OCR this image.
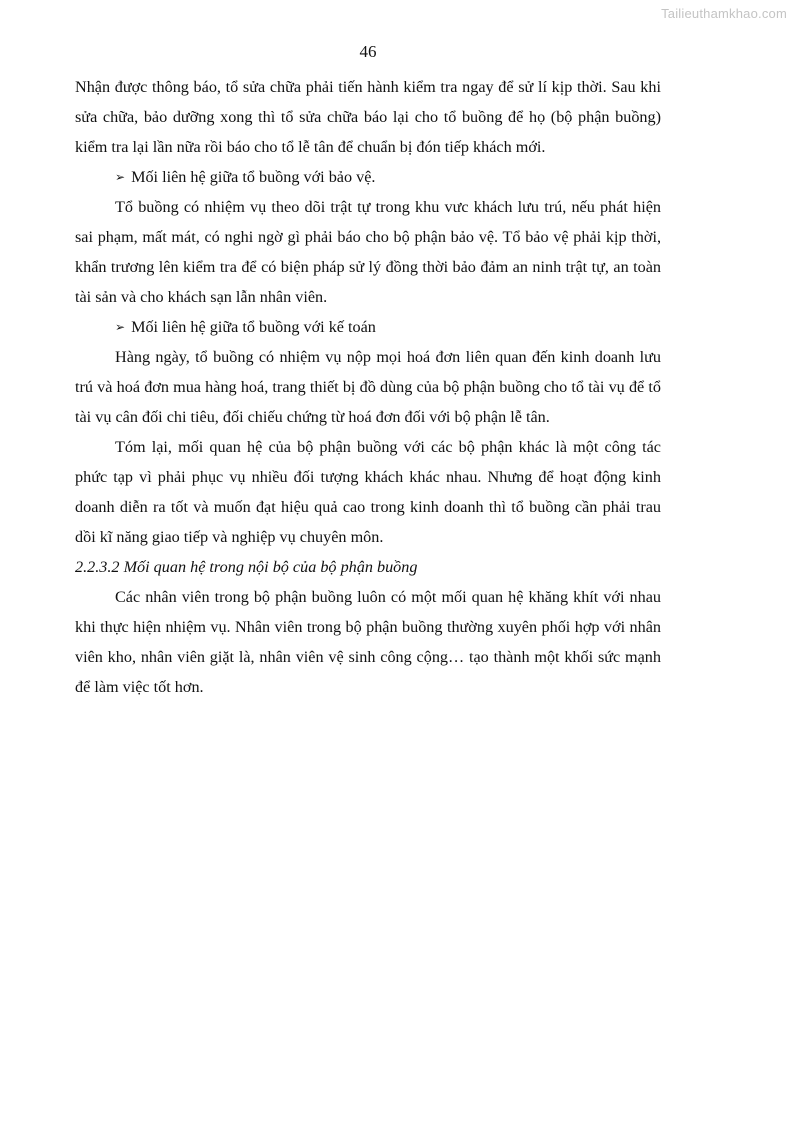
Tailieuthamkhao.com
46

Nhận được thông báo, tổ sửa chữa phải tiến hành kiểm tra ngay để sử lí kịp thời. Sau khi sửa chữa, bảo dưỡng xong thì tổ sửa chữa báo lại cho tổ buồng để họ (bộ phận buồng) kiểm tra lại lần nữa rồi báo cho tổ lễ tân để chuẩn bị đón tiếp khách mới.

➢ Mối liên hệ giữa tổ buồng với bảo vệ.

Tổ buồng có nhiệm vụ theo dõi trật tự trong khu vưc khách lưu trú, nếu phát hiện sai phạm, mất mát, có nghi ngờ gì phải báo cho bộ phận bảo vệ. Tổ bảo vệ phải kịp thời, khẩn trương lên kiểm tra để có biện pháp sử lý đồng thời bảo đảm an ninh trật tự, an toàn tài sản và cho khách sạn lẫn nhân viên.

➢ Mối liên hệ giữa tổ buồng với kế toán

Hàng ngày, tổ buồng có nhiệm vụ nộp mọi hoá đơn liên quan đến kinh doanh lưu trú và hoá đơn mua hàng hoá, trang thiết bị đồ dùng của bộ phận buồng cho tổ tài vụ để tổ tài vụ cân đối chi tiêu, đối chiếu chứng từ hoá đơn đối với bộ phận lễ tân.

Tóm lại, mối quan hệ của bộ phận buồng với các bộ phận khác là một công tác phức tạp vì phải phục vụ nhiều đối tượng khách khác nhau. Nhưng để hoạt động kinh doanh diễn ra tốt và muốn đạt hiệu quả cao trong kinh doanh thì tổ buồng cần phải trau dồi kĩ năng giao tiếp và nghiệp vụ chuyên môn.

2.2.3.2 Mối quan hệ trong nội bộ của bộ phận buồng

Các nhân viên trong bộ phận buồng luôn có một mối quan hệ khăng khít với nhau khi thực hiện nhiệm vụ. Nhân viên trong bộ phận buồng thường xuyên phối hợp với nhân viên kho, nhân viên giặt là, nhân viên vệ sinh công cộng… tạo thành một khối sức mạnh để làm việc tốt hơn.
